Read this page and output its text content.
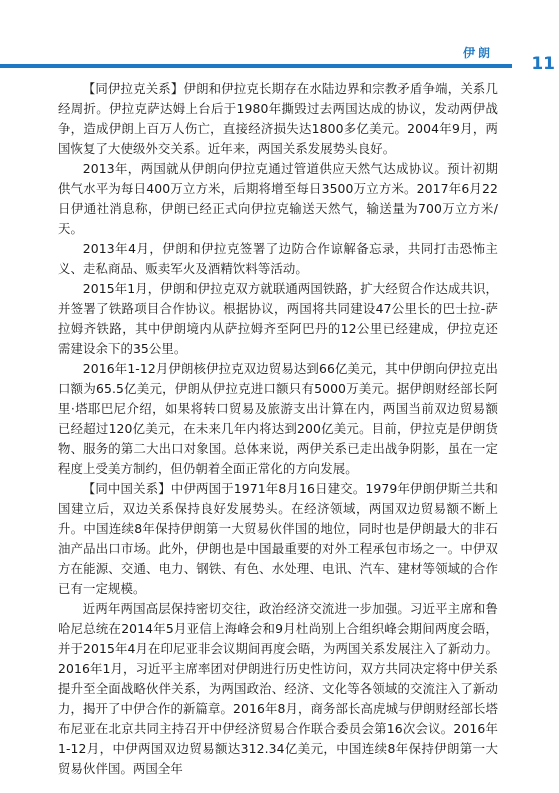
伊朗
11

【同伊拉克关系】伊朗和伊拉克长期存在水陆边界和宗教矛盾争端，关系几经周折。伊拉克萨达姆上台后于1980年撕毁过去两国达成的协议，发动两伊战争，造成伊朗上百万人伤亡，直接经济损失达1800多亿美元。2004年9月，两国恢复了大使级外交关系。近年来，两国关系发展势头良好。

2013年，两国就从伊朗向伊拉克通过管道供应天然气达成协议。预计初期供气水平为每日400万立方米，后期将增至每日3500万立方米。2017年6月22日伊通社消息称，伊朗已经正式向伊拉克输送天然气，输送量为700万立方米/天。

2013年4月，伊朗和伊拉克签署了边防合作谅解备忘录，共同打击恐怖主义、走私商品、贩卖军火及酒精饮料等活动。

2015年1月，伊朗和伊拉克双方就联通两国铁路，扩大经贸合作达成共识，并签署了铁路项目合作协议。根据协议，两国将共同建设47公里长的巴士拉-萨拉姆齐铁路，其中伊朗境内从萨拉姆齐至阿巴丹的12公里已经建成，伊拉克还需建设余下的35公里。

2016年1-12月伊朗核伊拉克双边贸易达到66亿美元，其中伊朗向伊拉克出口额为65.5亿美元，伊朗从伊拉克进口额只有5000万美元。据伊朗财经部长阿里·塔耶巴尼介绍，如果将转口贸易及旅游支出计算在内，两国当前双边贸易额已经超过120亿美元，在未来几年内将达到200亿美元。目前，伊拉克是伊朗货物、服务的第二大出口对象国。总体来说，两伊关系已走出战争阴影，虽在一定程度上受美方制约，但仍朝着全面正常化的方向发展。

【同中国关系】中伊两国于1971年8月16日建交。1979年伊朗伊斯兰共和国建立后，双边关系保持良好发展势头。在经济领域，两国双边贸易额不断上升。中国连续8年保持伊朗第一大贸易伙伴国的地位，同时也是伊朗最大的非石油产品出口市场。此外，伊朗也是中国最重要的对外工程承包市场之一。中伊双方在能源、交通、电力、钢铁、有色、水处理、电讯、汽车、建材等领域的合作已有一定规模。

近两年两国高层保持密切交往，政治经济交流进一步加强。习近平主席和鲁哈尼总统在2014年5月亚信上海峰会和9月杜尚别上合组织峰会期间两度会晤，并于2015年4月在印尼亚非会议期间再度会晤，为两国关系发展注入了新动力。2016年1月，习近平主席率团对伊朗进行历史性访问，双方共同决定将中伊关系提升至全面战略伙伴关系，为两国政治、经济、文化等各领域的交流注入了新动力，揭开了中伊合作的新篇章。2016年8月，商务部长高虎城与伊朗财经部长塔布尼亚在北京共同主持召开中伊经济贸易合作联合委员会第16次会议。2016年1-12月，中伊两国双边贸易额达312.34亿美元，中国连续8年保持伊朗第一大贸易伙伴国。两国全年
